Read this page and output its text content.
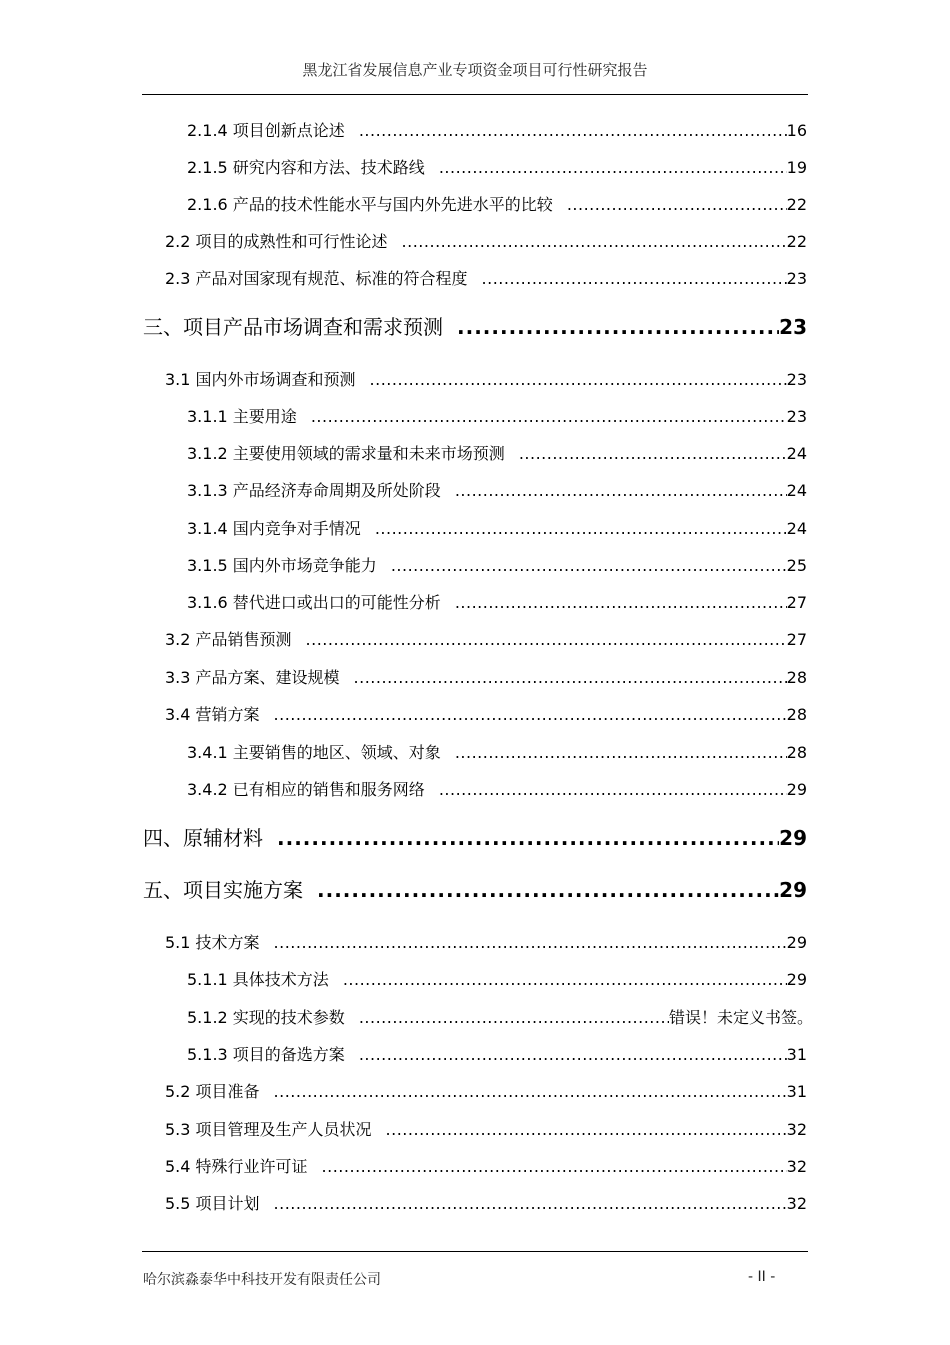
黑龙江省发展信息产业专项资金项目可行性研究报告
2.1.4 项目创新点论述 .....	16
2.1.5 研究内容和方法、技术路线 .....	19
2.1.6 产品的技术性能水平与国内外先进水平的比较 .....	22
2.2 项目的成熟性和可行性论述 .....	22
2.3 产品对国家现有规范、标准的符合程度 .....	23
三、项目产品市场调查和需求预测 .....	23
3.1 国内外市场调查和预测 .....	23
3.1.1 主要用途 .....	23
3.1.2 主要使用领域的需求量和未来市场预测 .....	24
3.1.3 产品经济寿命周期及所处阶段 .....	24
3.1.4 国内竞争对手情况 .....	24
3.1.5 国内外市场竞争能力 .....	25
3.1.6 替代进口或出口的可能性分析 .....	27
3.2 产品销售预测 .....	27
3.3 产品方案、建设规模 .....	28
3.4 营销方案 .....	28
3.4.1 主要销售的地区、领域、对象 .....	28
3.4.2 已有相应的销售和服务网络 .....	29
四、原辅材料 .....	29
五、项目实施方案 .....	29
5.1 技术方案 .....	29
5.1.1 具体技术方法 .....	29
5.1.2 实现的技术参数 .....	错误！未定义书签。
5.1.3 项目的备选方案 .....	31
5.2 项目准备 .....	31
5.3 项目管理及生产人员状况 .....	32
5.4 特殊行业许可证 .....	32
5.5 项目计划 .....	32
哈尔滨淼泰华中科技开发有限责任公司	- II -
